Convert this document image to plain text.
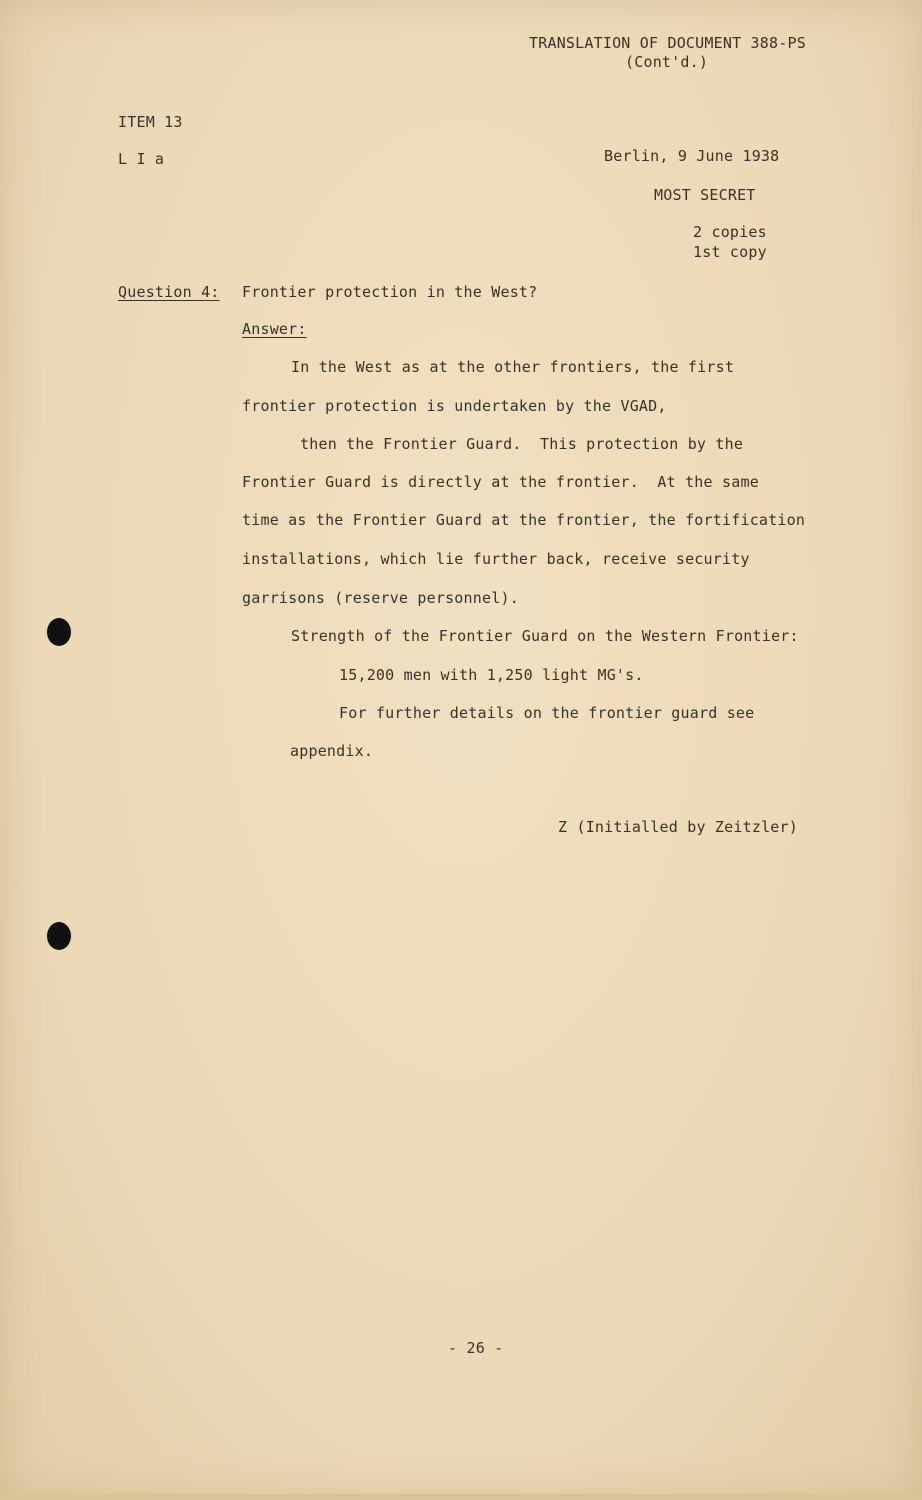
TRANSLATION OF DOCUMENT 388-PS
(Cont'd.)
ITEM 13
L I a	Berlin, 9 June 1938
MOST SECRET
2 copies
1st copy
Question 4: Frontier protection in the West?
Answer:
In the West as at the other frontiers, the first
frontier protection is undertaken by the VGAD,
then the Frontier Guard.  This protection by the
Frontier Guard is directly at the frontier.  At the same
time as the Frontier Guard at the frontier, the fortification
installations, which lie further back, receive security
garrisons (reserve personnel).
Strength of the Frontier Guard on the Western Frontier:
15,200 men with 1,250 light MG's.
For further details on the frontier guard see
appendix.
Z (Initialled by Zeitzler)
- 26 -
